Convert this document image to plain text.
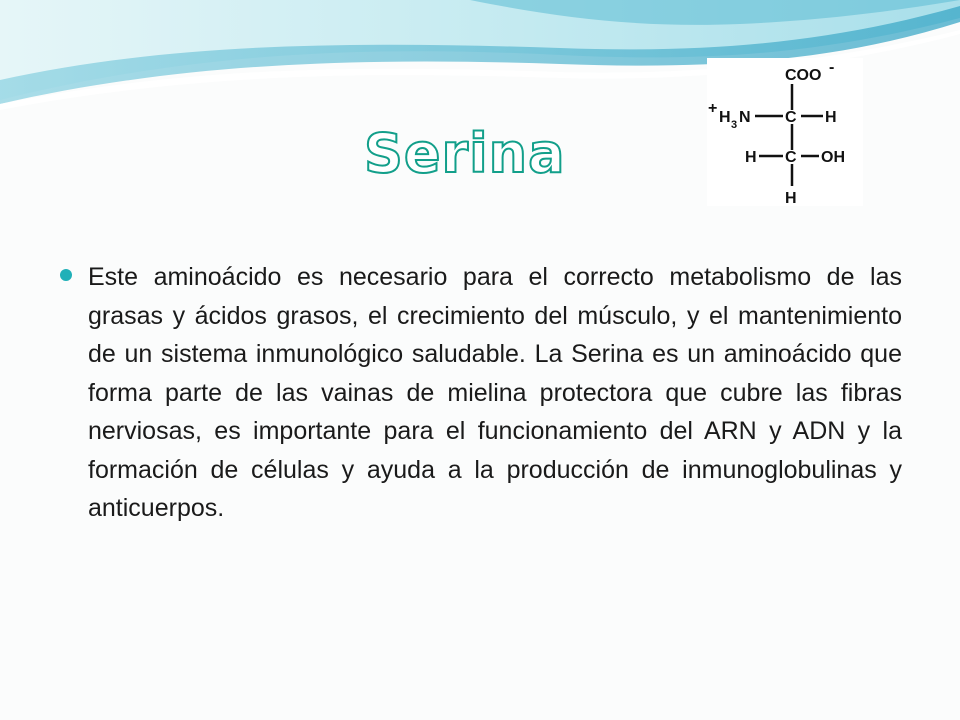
Serina
COO -
+
H 3 N C H
H C OH
H

Este aminoácido es necesario para el correcto metabolismo de las grasas y ácidos grasos, el crecimiento del músculo, y el mantenimiento de un sistema inmunológico saludable. La Serina es un aminoácido que forma parte de las vainas de mielina protectora que cubre las fibras nerviosas, es importante para el funcionamiento del ARN y ADN y la formación de células y ayuda a la producción de inmunoglobulinas y anticuerpos.
